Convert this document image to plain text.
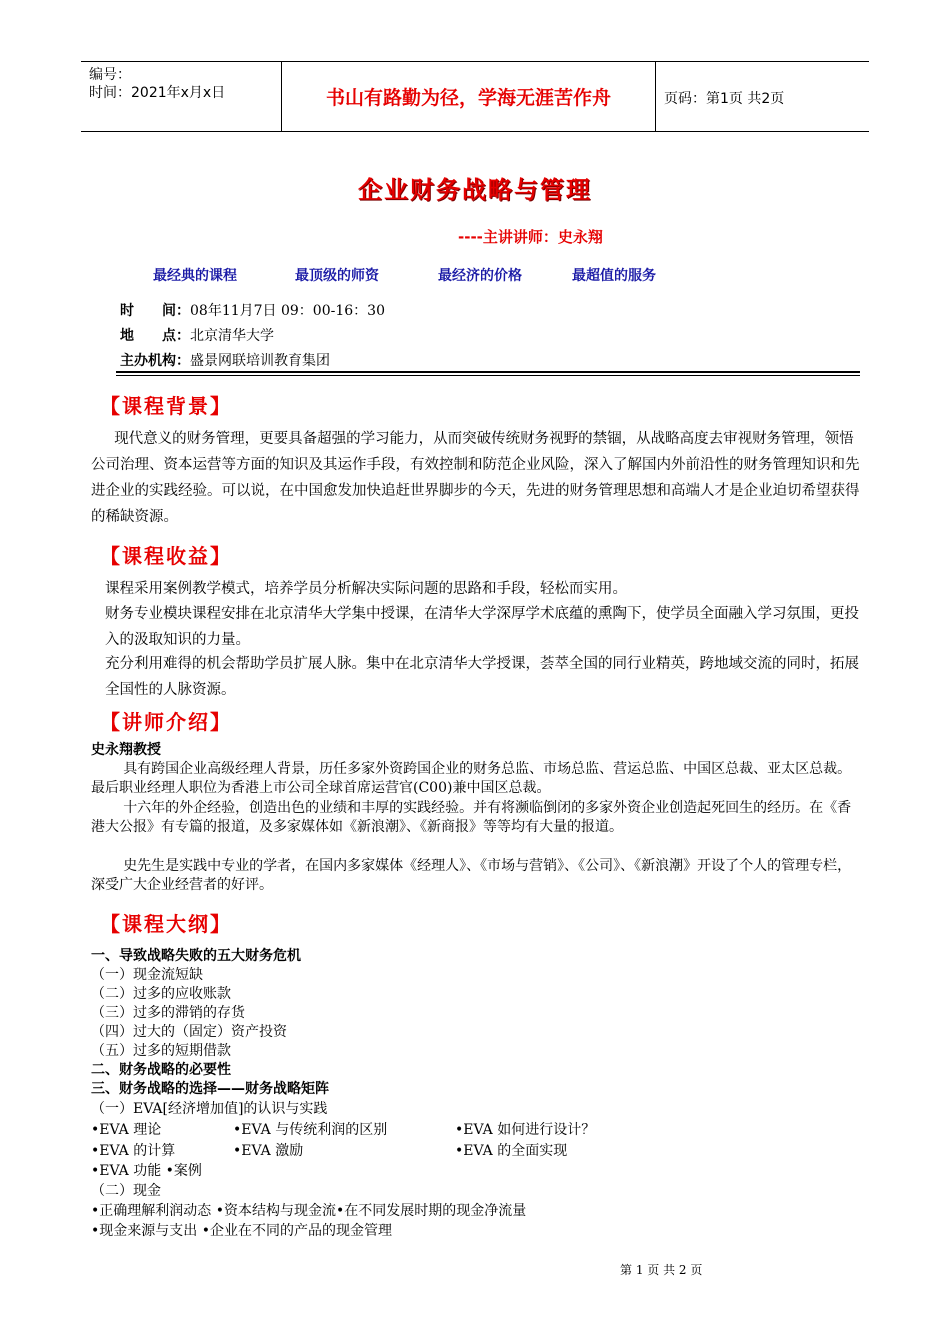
编号：
时间：2021年x月x日	书山有路勤为径，学海无涯苦作舟	页码：第1页 共2页
企业财务战略与管理
----主讲讲师：史永翔
最经典的课程	最顶级的师资	最经济的价格	最超值的服务
时　　间：08年11月7日 09：00-16：30
地　　点：北京清华大学
主办机构：盛景网联培训教育集团
【课程背景】
现代意义的财务管理，更要具备超强的学习能力，从而突破传统财务视野的禁锢，从战略高度去审视财务管理，领悟公司治理、资本运营等方面的知识及其运作手段，有效控制和防范企业风险，深入了解国内外前沿性的财务管理知识和先进企业的实践经验。可以说，在中国愈发加快追赶世界脚步的今天，先进的财务管理思想和高端人才是企业迫切希望获得的稀缺资源。
【课程收益】
课程采用案例教学模式，培养学员分析解决实际问题的思路和手段，轻松而实用。
财务专业模块课程安排在北京清华大学集中授课，在清华大学深厚学术底蕴的熏陶下，使学员全面融入学习氛围，更投入的汲取知识的力量。
充分利用难得的机会帮助学员扩展人脉。集中在北京清华大学授课，荟萃全国的同行业精英，跨地域交流的同时，拓展全国性的人脉资源。
【讲师介绍】
史永翔教授
具有跨国企业高级经理人背景，历任多家外资跨国企业的财务总监、市场总监、营运总监、中国区总裁、亚太区总裁。最后职业经理人职位为香港上市公司全球首席运营官(C00)兼中国区总裁。
十六年的外企经验，创造出色的业绩和丰厚的实践经验。并有将濒临倒闭的多家外资企业创造起死回生的经历。在《香港大公报》有专篇的报道，及多家媒体如《新浪潮》、《新商报》等等均有大量的报道。
史先生是实践中专业的学者，在国内多家媒体《经理人》、《市场与营销》、《公司》、《新浪潮》开设了个人的管理专栏，深受广大企业经营者的好评。
【课程大纲】
一、导致战略失败的五大财务危机
（一）现金流短缺
（二）过多的应收账款
（三）过多的滞销的存货
（四）过大的（固定）资产投资
（五）过多的短期借款
二、财务战略的必要性
三、财务战略的选择——财务战略矩阵
（一）EVA[经济增加值]的认识与实践
•EVA 理论	•EVA 与传统利润的区别	•EVA 如何进行设计？
•EVA 的计算	•EVA 激励	•EVA 的全面实现
•EVA 功能 •案例
（二）现金
•正确理解利润动态 •资本结构与现金流•在不同发展时期的现金净流量
•现金来源与支出 •企业在不同的产品的现金管理
第 1 页 共 2 页
